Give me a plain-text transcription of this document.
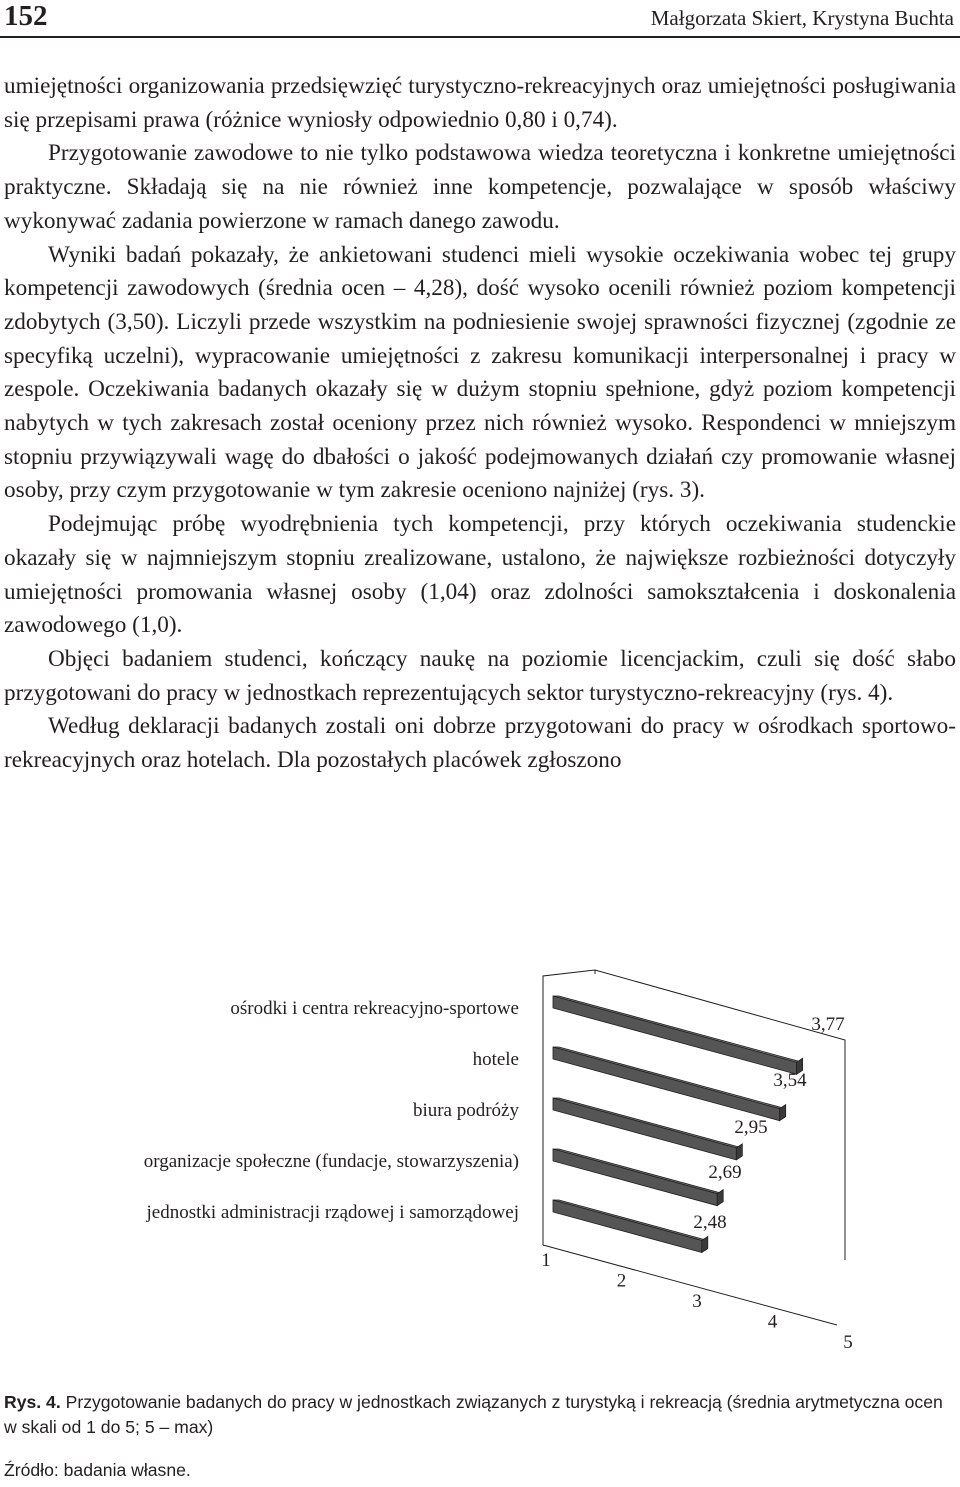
152	Małgorzata Skiert, Krystyna Buchta

umiejętności organizowania przedsięwzięć turystyczno-rekreacyjnych oraz umiejętności posługiwania się przepisami prawa (różnice wyniosły odpowiednio 0,80 i 0,74).

Przygotowanie zawodowe to nie tylko podstawowa wiedza teoretyczna i konkretne umiejętności praktyczne. Składają się na nie również inne kompetencje, pozwalające w sposób właściwy wykonywać zadania powierzone w ramach danego zawodu.

Wyniki badań pokazały, że ankietowani studenci mieli wysokie oczekiwania wobec tej grupy kompetencji zawodowych (średnia ocen – 4,28), dość wysoko ocenili również poziom kompetencji zdobytych (3,50). Liczyli przede wszystkim na podniesienie swojej sprawności fizycznej (zgodnie ze specyfiką uczelni), wypracowanie umiejętności z zakresu komunikacji interpersonalnej i pracy w zespole. Oczekiwania badanych okazały się w dużym stopniu spełnione, gdyż poziom kompetencji nabytych w tych zakresach został oceniony przez nich również wysoko. Respondenci w mniejszym stopniu przywiązywali wagę do dbałości o jakość podejmowanych działań czy promowanie własnej osoby, przy czym przygotowanie w tym zakresie oceniono najniżej (rys. 3).

Podejmując próbę wyodrębnienia tych kompetencji, przy których oczekiwania studenckie okazały się w najmniejszym stopniu zrealizowane, ustalono, że największe rozbieżności dotyczyły umiejętności promowania własnej osoby (1,04) oraz zdolności samokształcenia i doskonalenia zawodowego (1,0).

Objęci badaniem studenci, kończący naukę na poziomie licencjackim, czuli się dość słabo przygotowani do pracy w jednostkach reprezentujących sektor turystyczno-rekreacyjny (rys. 4).

Według deklaracji badanych zostali oni dobrze przygotowani do pracy w ośrodkach sportowo-rekreacyjnych oraz hotelach. Dla pozostałych placówek zgłoszono

ośrodki i centra rekreacyjno-sportowe
hotele
biura podróży
organizacje społeczne (fundacje, stowarzyszenia)
jednostki administracji rządowej i samorządowej
3,77
3,54
2,95
2,69
2,48
1
2
3
4
5
Rys. 4. Przygotowanie badanych do pracy w jednostkach związanych z turystyką i rekreacją (średnia arytmetyczna ocen w skali od 1 do 5; 5 – max)
Źródło: badania własne.
